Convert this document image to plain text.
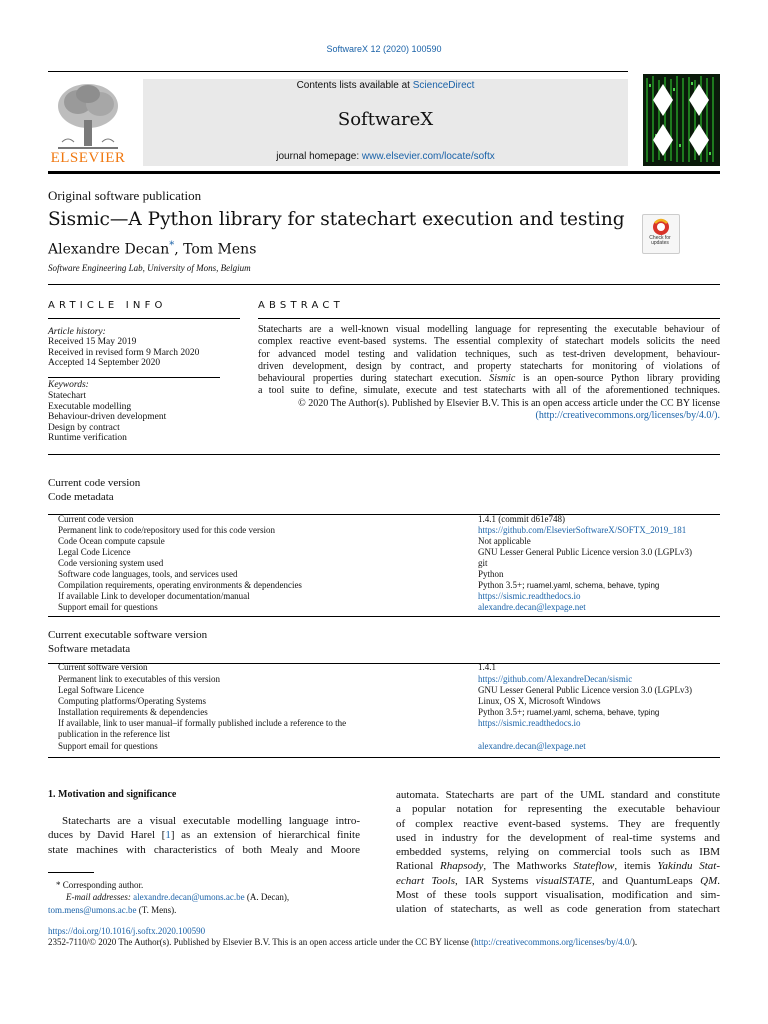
SoftwareX 12 (2020) 100590
ELSEVIER
Contents lists available at ScienceDirect
SoftwareX
journal homepage: www.elsevier.com/locate/softx
Original software publication
Sismic—A Python library for statechart execution and testing
Alexandre Decan*, Tom Mens
Software Engineering Lab, University of Mons, Belgium
Check for updates
ARTICLE INFO	ABSTRACT
Article history:
Received 15 May 2019
Received in revised form 9 March 2020
Accepted 14 September 2020
Keywords:
Statechart
Executable modelling
Behaviour-driven development
Design by contract
Runtime verification
Statecharts are a well-known visual modelling language for representing the executable behaviour of
complex reactive event-based systems. The essential complexity of statechart models solicits the need
for advanced model testing and validation techniques, such as test-driven development, behaviour-
driven development, design by contract, and property statecharts for monitoring of violations of
behavioural properties during statechart execution. Sismic is an open-source Python library providing
a tool suite to define, simulate, execute and test statecharts with all of the aforementioned techniques.
© 2020 The Author(s). Published by Elsevier B.V. This is an open access article under the CC BY license
(http://creativecommons.org/licenses/by/4.0/).
Current code version
Code metadata
Current code version	1.4.1 (commit d61e748)
Permanent link to code/repository used for this code version	https://github.com/ElsevierSoftwareX/SOFTX_2019_181
Code Ocean compute capsule	Not applicable
Legal Code Licence	GNU Lesser General Public Licence version 3.0 (LGPLv3)
Code versioning system used	git
Software code languages, tools, and services used	Python
Compilation requirements, operating environments & dependencies	Python 3.5+; ruamel.yaml, schema, behave, typing
If available Link to developer documentation/manual	https://sismic.readthedocs.io
Support email for questions	alexandre.decan@lexpage.net
Current executable software version
Software metadata
Current software version	1.4.1
Permanent link to executables of this version	https://github.com/AlexandreDecan/sismic
Legal Software Licence	GNU Lesser General Public Licence version 3.0 (LGPLv3)
Computing platforms/Operating Systems	Linux, OS X, Microsoft Windows
Installation requirements & dependencies	Python 3.5+; ruamel.yaml, schema, behave, typing
If available, link to user manual–if formally published include a reference to the	https://sismic.readthedocs.io
publication in the reference list
Support email for questions	alexandre.decan@lexpage.net
1. Motivation and significance
Statecharts are a visual executable modelling language intro-
duces by David Harel [1] as an extension of hierarchical finite
state machines with characteristics of both Mealy and Moore
automata. Statecharts are part of the UML standard and constitute
a popular notation for representing the executable behaviour
of complex reactive event-based systems. They are frequently
used in industry for the development of real-time systems and
embedded systems, relying on commercial tools such as IBM
Rational Rhapsody, The Mathworks Stateflow, itemis Yakindu Stat-
echart Tools, IAR Systems visualSTATE, and QuantumLeaps QM.
Most of these tools support visualisation, modification and sim-
ulation of statecharts, as well as code generation from statechart
* Corresponding author.
E-mail addresses: alexandre.decan@umons.ac.be (A. Decan),
tom.mens@umons.ac.be (T. Mens).
https://doi.org/10.1016/j.softx.2020.100590
2352-7110/© 2020 The Author(s). Published by Elsevier B.V. This is an open access article under the CC BY license (http://creativecommons.org/licenses/by/4.0/).
